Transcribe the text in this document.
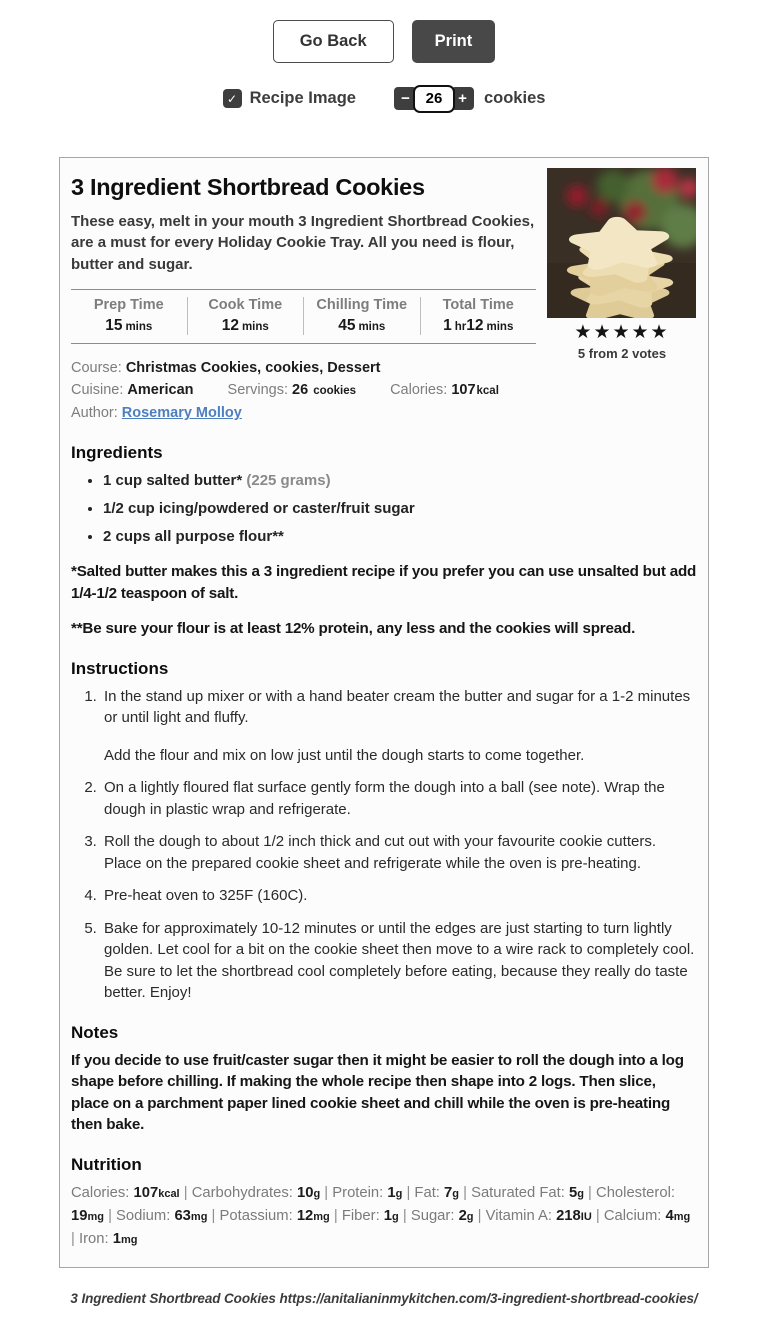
Go Back	Print
✓ Recipe Image	−
26	+	cookies
3 Ingredient Shortbread Cookies

These easy, melt in your mouth 3 Ingredient Shortbread Cookies, are a must for every Holiday Cookie Tray. All you need is flour, butter and sugar.

Prep Time
15 mins
Cook Time
12 mins
Chilling Time
45 mins
Total Time
1 hr12 mins
Course: Christmas Cookies, cookies, Dessert
Cuisine: American Servings: 26 cookies Calories: 107kcal
Author: Rosemary Molloy
★★★★★
5 from 2 votes
Ingredients
• 1 cup salted butter* (225 grams)
• 1/2 cup icing/powdered or caster/fruit sugar
• 2 cups all purpose flour**

*Salted butter makes this a 3 ingredient recipe if you prefer you can use unsalted but add 1/4-1/2 teaspoon of salt.

**Be sure your flour is at least 12% protein, any less and the cookies will spread.

Instructions

1. In the stand up mixer or with a hand beater cream the butter and sugar for a 1-2 minutes or until light and fluffy.

Add the flour and mix on low just until the dough starts to come together.

2. On a lightly floured flat surface gently form the dough into a ball (see note). Wrap the dough in plastic wrap and refrigerate.

3. Roll the dough to about 1/2 inch thick and cut out with your favourite cookie cutters. Place on the prepared cookie sheet and refrigerate while the oven is pre-heating.

4. Pre-heat oven to 325F (160C).

5. Bake for approximately 10-12 minutes or until the edges are just starting to turn lightly golden. Let cool for a bit on the cookie sheet then move to a wire rack to completely cool. Be sure to let the shortbread cool completely before eating, because they really do taste better. Enjoy!

Notes

If you decide to use fruit/caster sugar then it might be easier to roll the dough into a log shape before chilling. If making the whole recipe then shape into 2 logs. Then slice, place on a parchment paper lined cookie sheet and chill while the oven is pre-heating then bake.

Nutrition

Calories: 107kcal | Carbohydrates: 10g | Protein: 1g | Fat: 7g | Saturated Fat: 5g | Cholesterol: 19mg | Sodium: 63mg | Potassium: 12mg | Fiber: 1g | Sugar: 2g | Vitamin A: 218IU | Calcium: 4mg | Iron: 1mg

3 Ingredient Shortbread Cookies https://anitalianinmykitchen.com/3-ingredient-shortbread-cookies/
